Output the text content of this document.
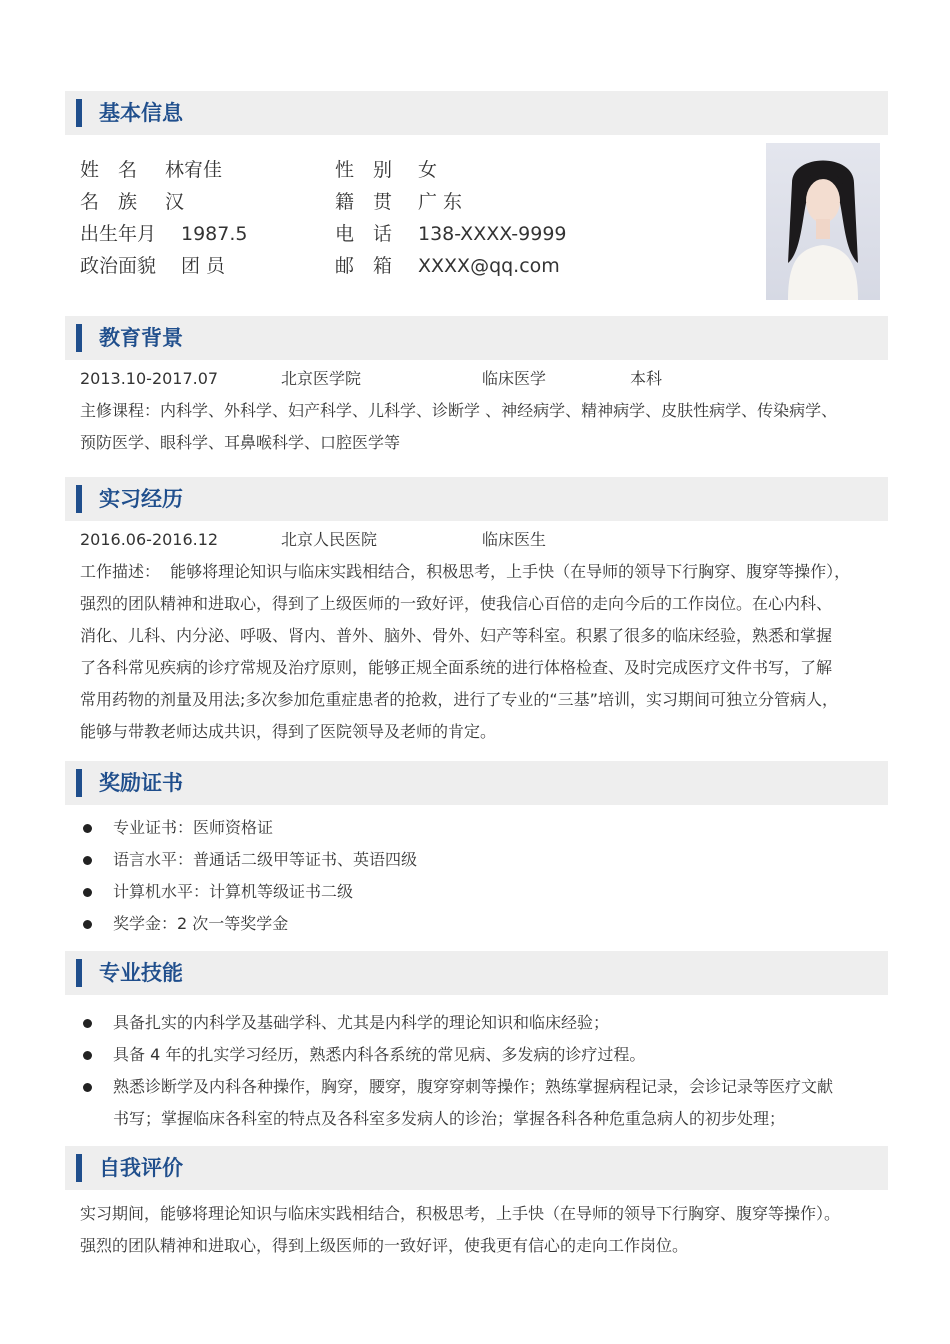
基本信息
姓　名 林宥佳	性　别 女
名　族 汉	籍　贯 广 东
出生年月 1987.5	电　话 138-XXXX-9999
政治面貌 团 员	邮　箱 XXXX@qq.com
教育背景
2013.10-2017.07	北京医学院	临床医学	本科
主修课程：内科学、外科学、妇产科学、儿科学、诊断学 、神经病学、精神病学、皮肤性病学、传染病学、
预防医学、眼科学、耳鼻喉科学、口腔医学等
实习经历
2016.06-2016.12	北京人民医院	临床医生
工作描述：  能够将理论知识与临床实践相结合，积极思考，上手快（在导师的领导下行胸穿、腹穿等操作），
强烈的团队精神和进取心，得到了上级医师的一致好评，使我信心百倍的走向今后的工作岗位。在心内科、
消化、儿科、内分泌、呼吸、肾内、普外、脑外、骨外、妇产等科室。积累了很多的临床经验，熟悉和掌握
了各科常见疾病的诊疗常规及治疗原则，能够正规全面系统的进行体格检查、及时完成医疗文件书写，了解
常用药物的剂量及用法;多次参加危重症患者的抢救，进行了专业的“三基”培训，实习期间可独立分管病人，
能够与带教老师达成共识，得到了医院领导及老师的肯定。
奖励证书
专业证书：医师资格证
语言水平：普通话二级甲等证书、英语四级
计算机水平：计算机等级证书二级
奖学金：2 次一等奖学金
专业技能
具备扎实的内科学及基础学科、尤其是内科学的理论知识和临床经验；
具备 4 年的扎实学习经历，熟悉内科各系统的常见病、多发病的诊疗过程。
熟悉诊断学及内科各种操作，胸穿，腰穿，腹穿穿刺等操作；熟练掌握病程记录，会诊记录等医疗文献
书写；掌握临床各科室的特点及各科室多发病人的诊治；掌握各科各种危重急病人的初步处理；
自我评价
实习期间，能够将理论知识与临床实践相结合，积极思考，上手快（在导师的领导下行胸穿、腹穿等操作）。
强烈的团队精神和进取心，得到上级医师的一致好评，使我更有信心的走向工作岗位。
